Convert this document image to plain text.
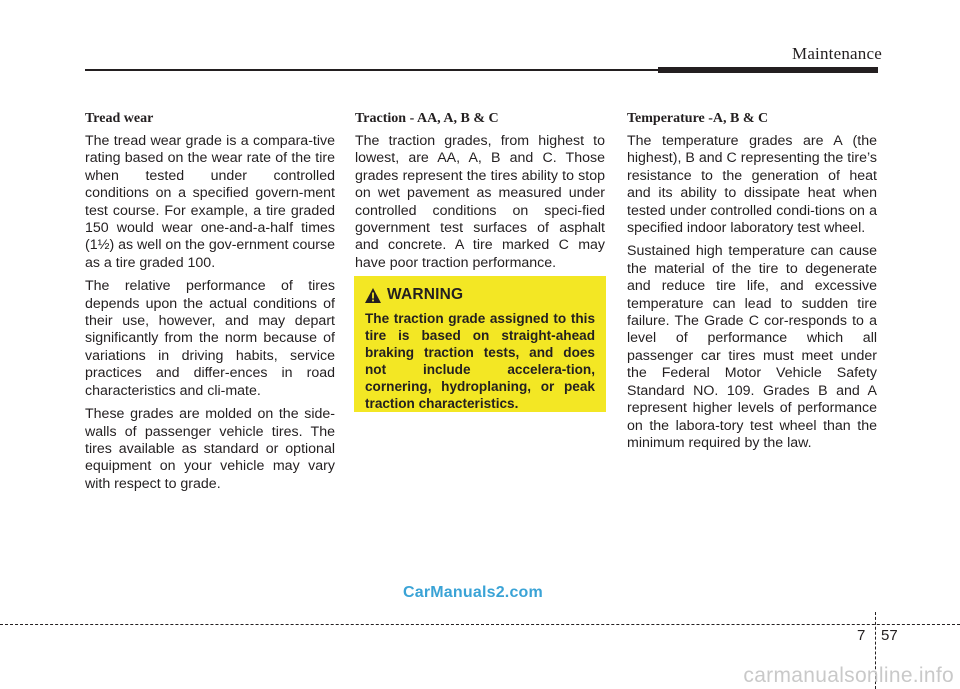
Maintenance
Tread wear

The tread wear grade is a compara-tive rating based on the wear rate of the tire when tested under controlled conditions on a specified govern-ment test course. For example, a tire graded 150 would wear one-and-a-half times (1½) as well on the gov-ernment course as a tire graded 100.

The relative performance of tires depends upon the actual conditions of their use, however, and may depart significantly from the norm because of variations in driving habits, service practices and differ-ences in road characteristics and cli-mate.

These grades are molded on the side-walls of passenger vehicle tires. The tires available as standard or optional equipment on your vehicle may vary with respect to grade.

Traction - AA, A, B & C

The traction grades, from highest to lowest, are AA, A, B and C. Those grades represent the tires ability to stop on wet pavement as measured under controlled conditions on speci-fied government test surfaces of asphalt and concrete. A tire marked C may have poor traction performance.

WARNING
The traction grade assigned to this tire is based on straight-ahead braking traction tests, and does not include accelera-tion, cornering, hydroplaning, or peak traction characteristics.
Temperature -A, B & C

The temperature grades are A (the highest), B and C representing the tire’s resistance to the generation of heat and its ability to dissipate heat when tested under controlled condi-tions on a specified indoor laboratory test wheel.

Sustained high temperature can cause the material of the tire to degenerate and reduce tire life, and excessive temperature can lead to sudden tire failure. The Grade C cor-responds to a level of performance which all passenger car tires must meet under the Federal Motor Vehicle Safety Standard NO. 109. Grades B and A represent higher levels of performance on the labora-tory test wheel than the minimum required by the law.

CarManuals2.com
7 57
carmanualsonline.info
